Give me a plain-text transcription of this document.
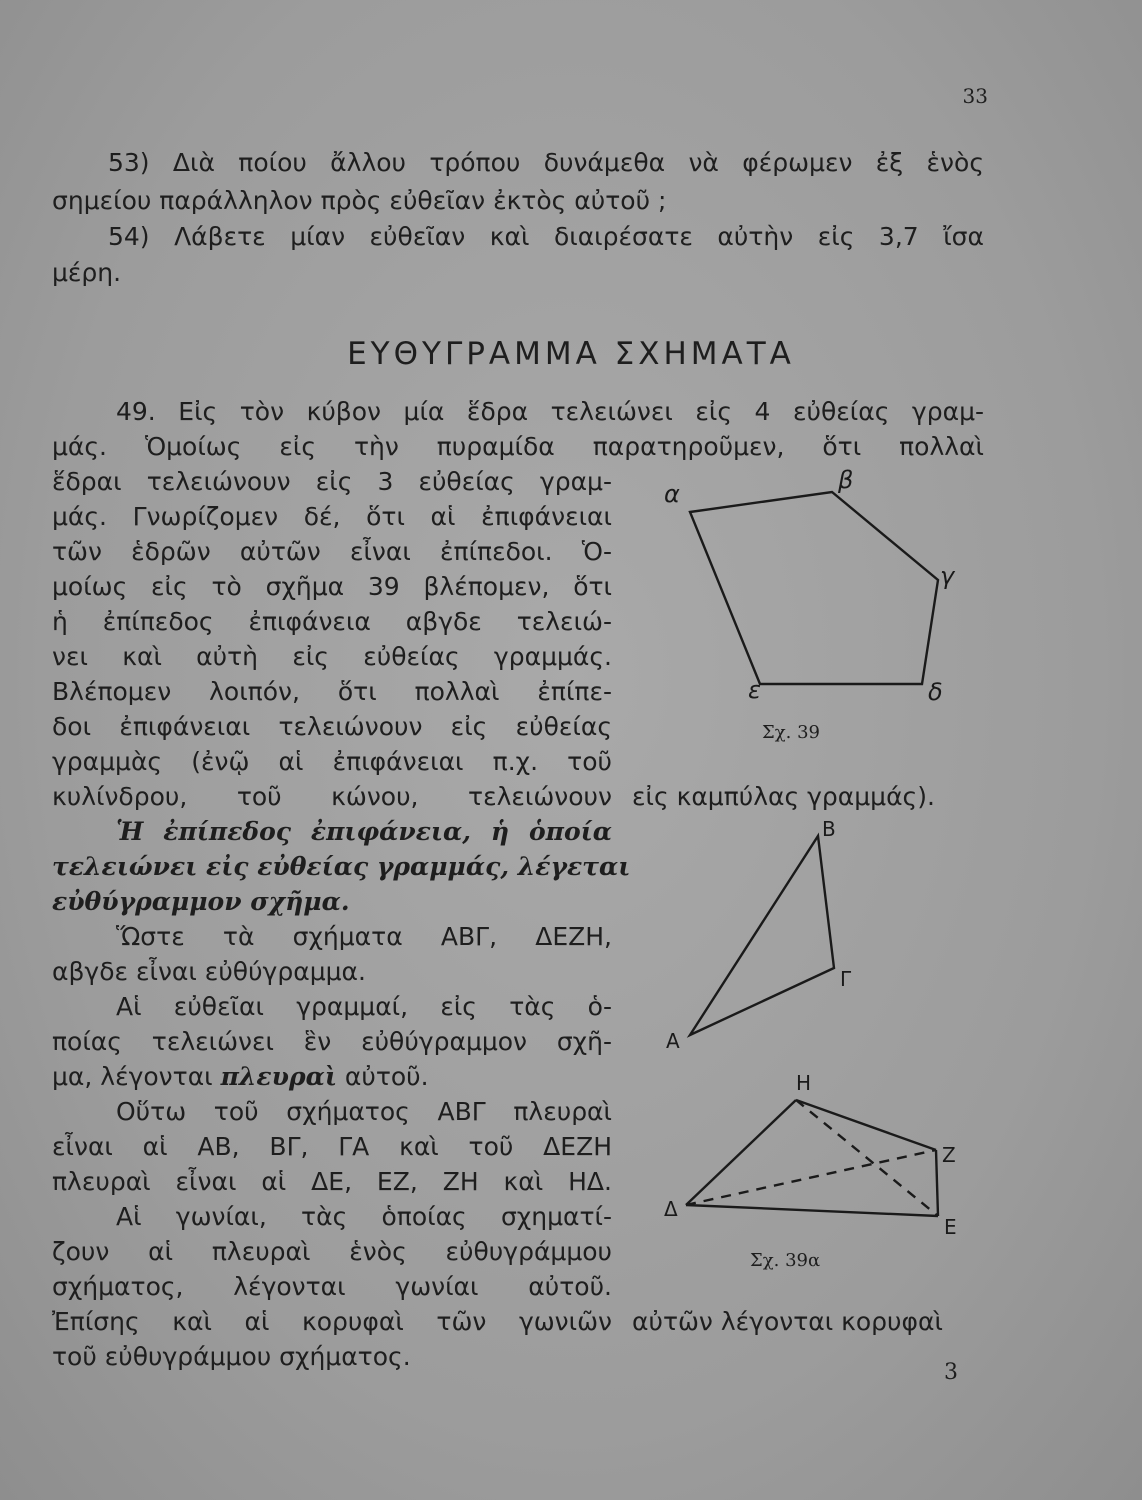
33
53) Διὰ ποίου ἄλλου τρόπου δυνάμεθα νὰ φέρωμεν ἐξ ἑνὸς
σημείου παράλληλον πρὸς εὐθεῖαν ἐκτὸς αὐτοῦ ;
54) Λάβετε μίαν εὐθεῖαν καὶ διαιρέσατε αὐτὴν εἰς 3,7 ἴσα
μέρη.
ΕΥΘΥΓΡΑΜΜΑ ΣΧΗΜΑΤΑ
49. Εἰς τὸν κύβον μία ἕδρα τελειώνει εἰς 4 εὐθείας γραμ-
μάς. Ὁμοίως εἰς τὴν πυραμίδα παρατηροῦμεν, ὅτι πολλαὶ
ἕδραι τελειώνουν εἰς 3 εὐθείας γραμ-
μάς. Γνωρίζομεν δέ, ὅτι αἱ ἐπιφάνειαι
τῶν ἑδρῶν αὐτῶν εἶναι ἐπίπεδοι. Ὁ-
μοίως εἰς τὸ σχῆμα 39 βλέπομεν, ὅτι
ἡ ἐπίπεδος ἐπιφάνεια αβγδε τελειώ-
νει καὶ αὐτὴ εἰς εὐθείας γραμμάς.
Βλέπομεν λοιπόν, ὅτι πολλαὶ ἐπίπε-
δοι ἐπιφάνειαι τελειώνουν εἰς εὐθείας
γραμμὰς (ἐνῷ αἱ ἐπιφάνειαι π.χ. τοῦ
κυλίνδρου, τοῦ κώνου, τελειώνουν εἰς καμπύλας γραμμάς).
Ἡ ἐπίπεδος ἐπιφάνεια, ἡ ὁποία
τελειώνει εἰς εὐθείας γραμμάς, λέγεται
εὐθύγραμμον σχῆμα.
Ὥστε τὰ σχήματα ΑΒΓ, ΔΕΖΗ,
αβγδε εἶναι εὐθύγραμμα.
Αἱ εὐθεῖαι γραμμαί, εἰς τὰς ὁ-
ποίας τελειώνει ἓν εὐθύγραμμον σχῆ-
μα, λέγονται πλευραὶ αὐτοῦ.
Οὕτω τοῦ σχήματος ΑΒΓ πλευραὶ
εἶναι αἱ ΑΒ, ΒΓ, ΓΑ καὶ τοῦ ΔΕΖΗ
πλευραὶ εἶναι αἱ ΔΕ, ΕΖ, ΖΗ καὶ ΗΔ.
Αἱ γωνίαι, τὰς ὁποίας σχηματί-
ζουν αἱ πλευραὶ ἑνὸς εὐθυγράμμου
σχήματος, λέγονται γωνίαι αὐτοῦ.
Ἐπίσης καὶ αἱ κορυφαὶ τῶν γωνιῶν αὐτῶν λέγονται κορυφαὶ
τοῦ εὐθυγράμμου σχήματος.
α	β
γ
δ
ε
Σχ. 39
Α
Β
Γ
Δ
Ε
Ζ
Η
Σχ. 39α
3
